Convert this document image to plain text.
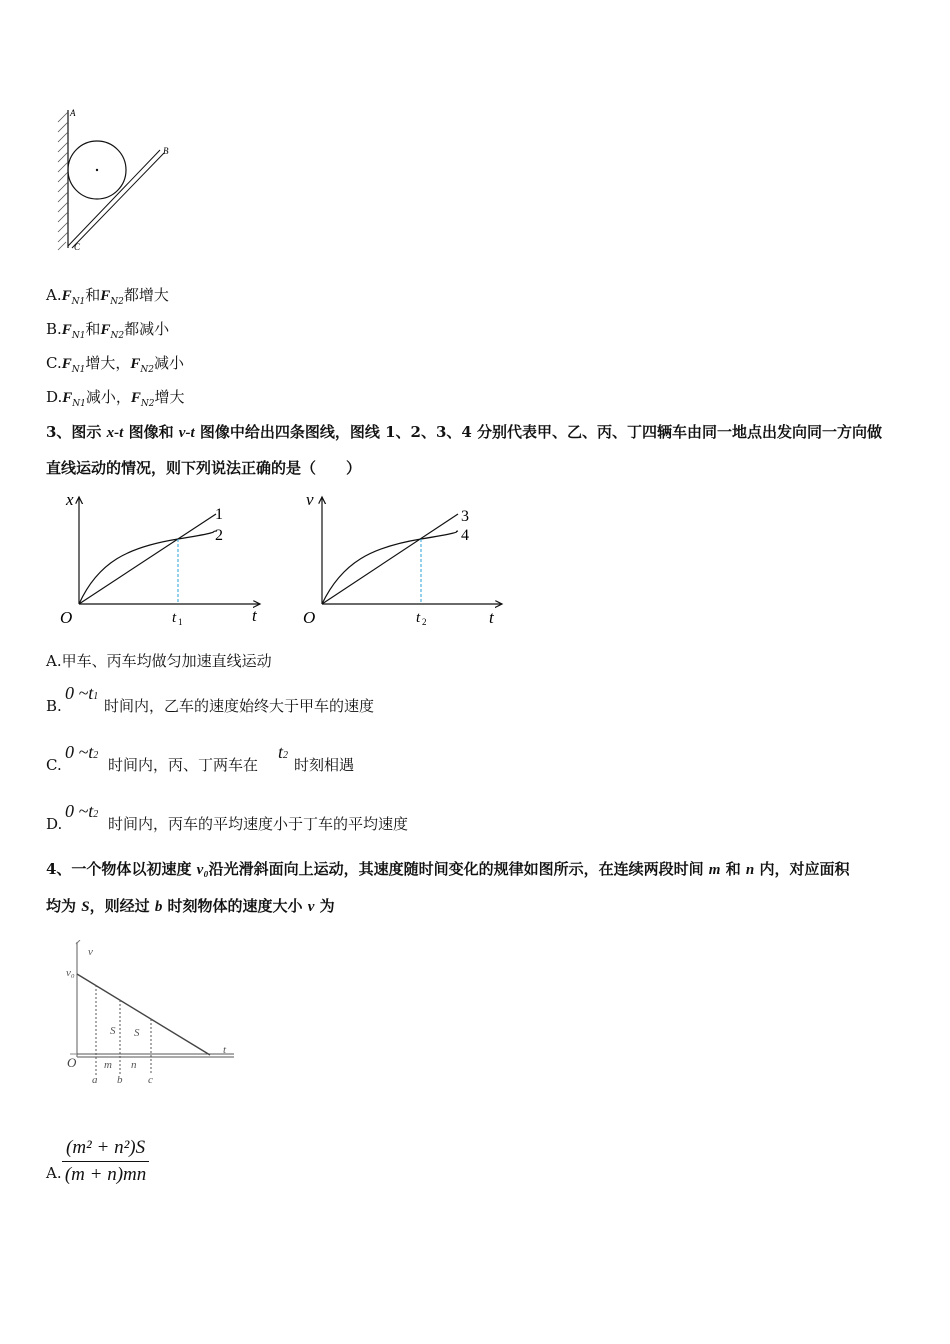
A
B
C
$A.F_{N1}$和$F_{N2}$都增大
$B.F_{N1}$和$F_{N2}$都减小
$C.F_{N1}$增大，$F_{N2}$减小
$D.F_{N1}$减小，$F_{N2}$增大
3、图示 x-t 图像和 v-t 图像中给出四条图线，图线 1、2、3、4 分别代表甲、乙、丙、丁四辆车由同一地点出发向同一方向做
直线运动的情况，则下列说法正确的是（　　）
x
t
O
1
2
t 1
v
t
O
3
4
t 2
A.甲车、丙车均做匀加速直线运动
B.
0 ~t1
时间内，乙车的速度始终大于甲车的速度
C.
0 ~t2
时间内，丙、丁两车在
t2
时刻相遇
D.
0 ~t2
时间内，丙车的平均速度小于丁车的平均速度
4、一个物体以初速度 v₀沿光滑斜面向上运动，其速度随时间变化的规律如图所示，在连续两段时间 m 和 n 内，对应面积
均为 S，则经过 b 时刻物体的速度大小 v 为
v
v₀
O
t
S S
m n
a b c
A. $\frac{\text{(m² + n²)S}}{(m + n)mn}$
